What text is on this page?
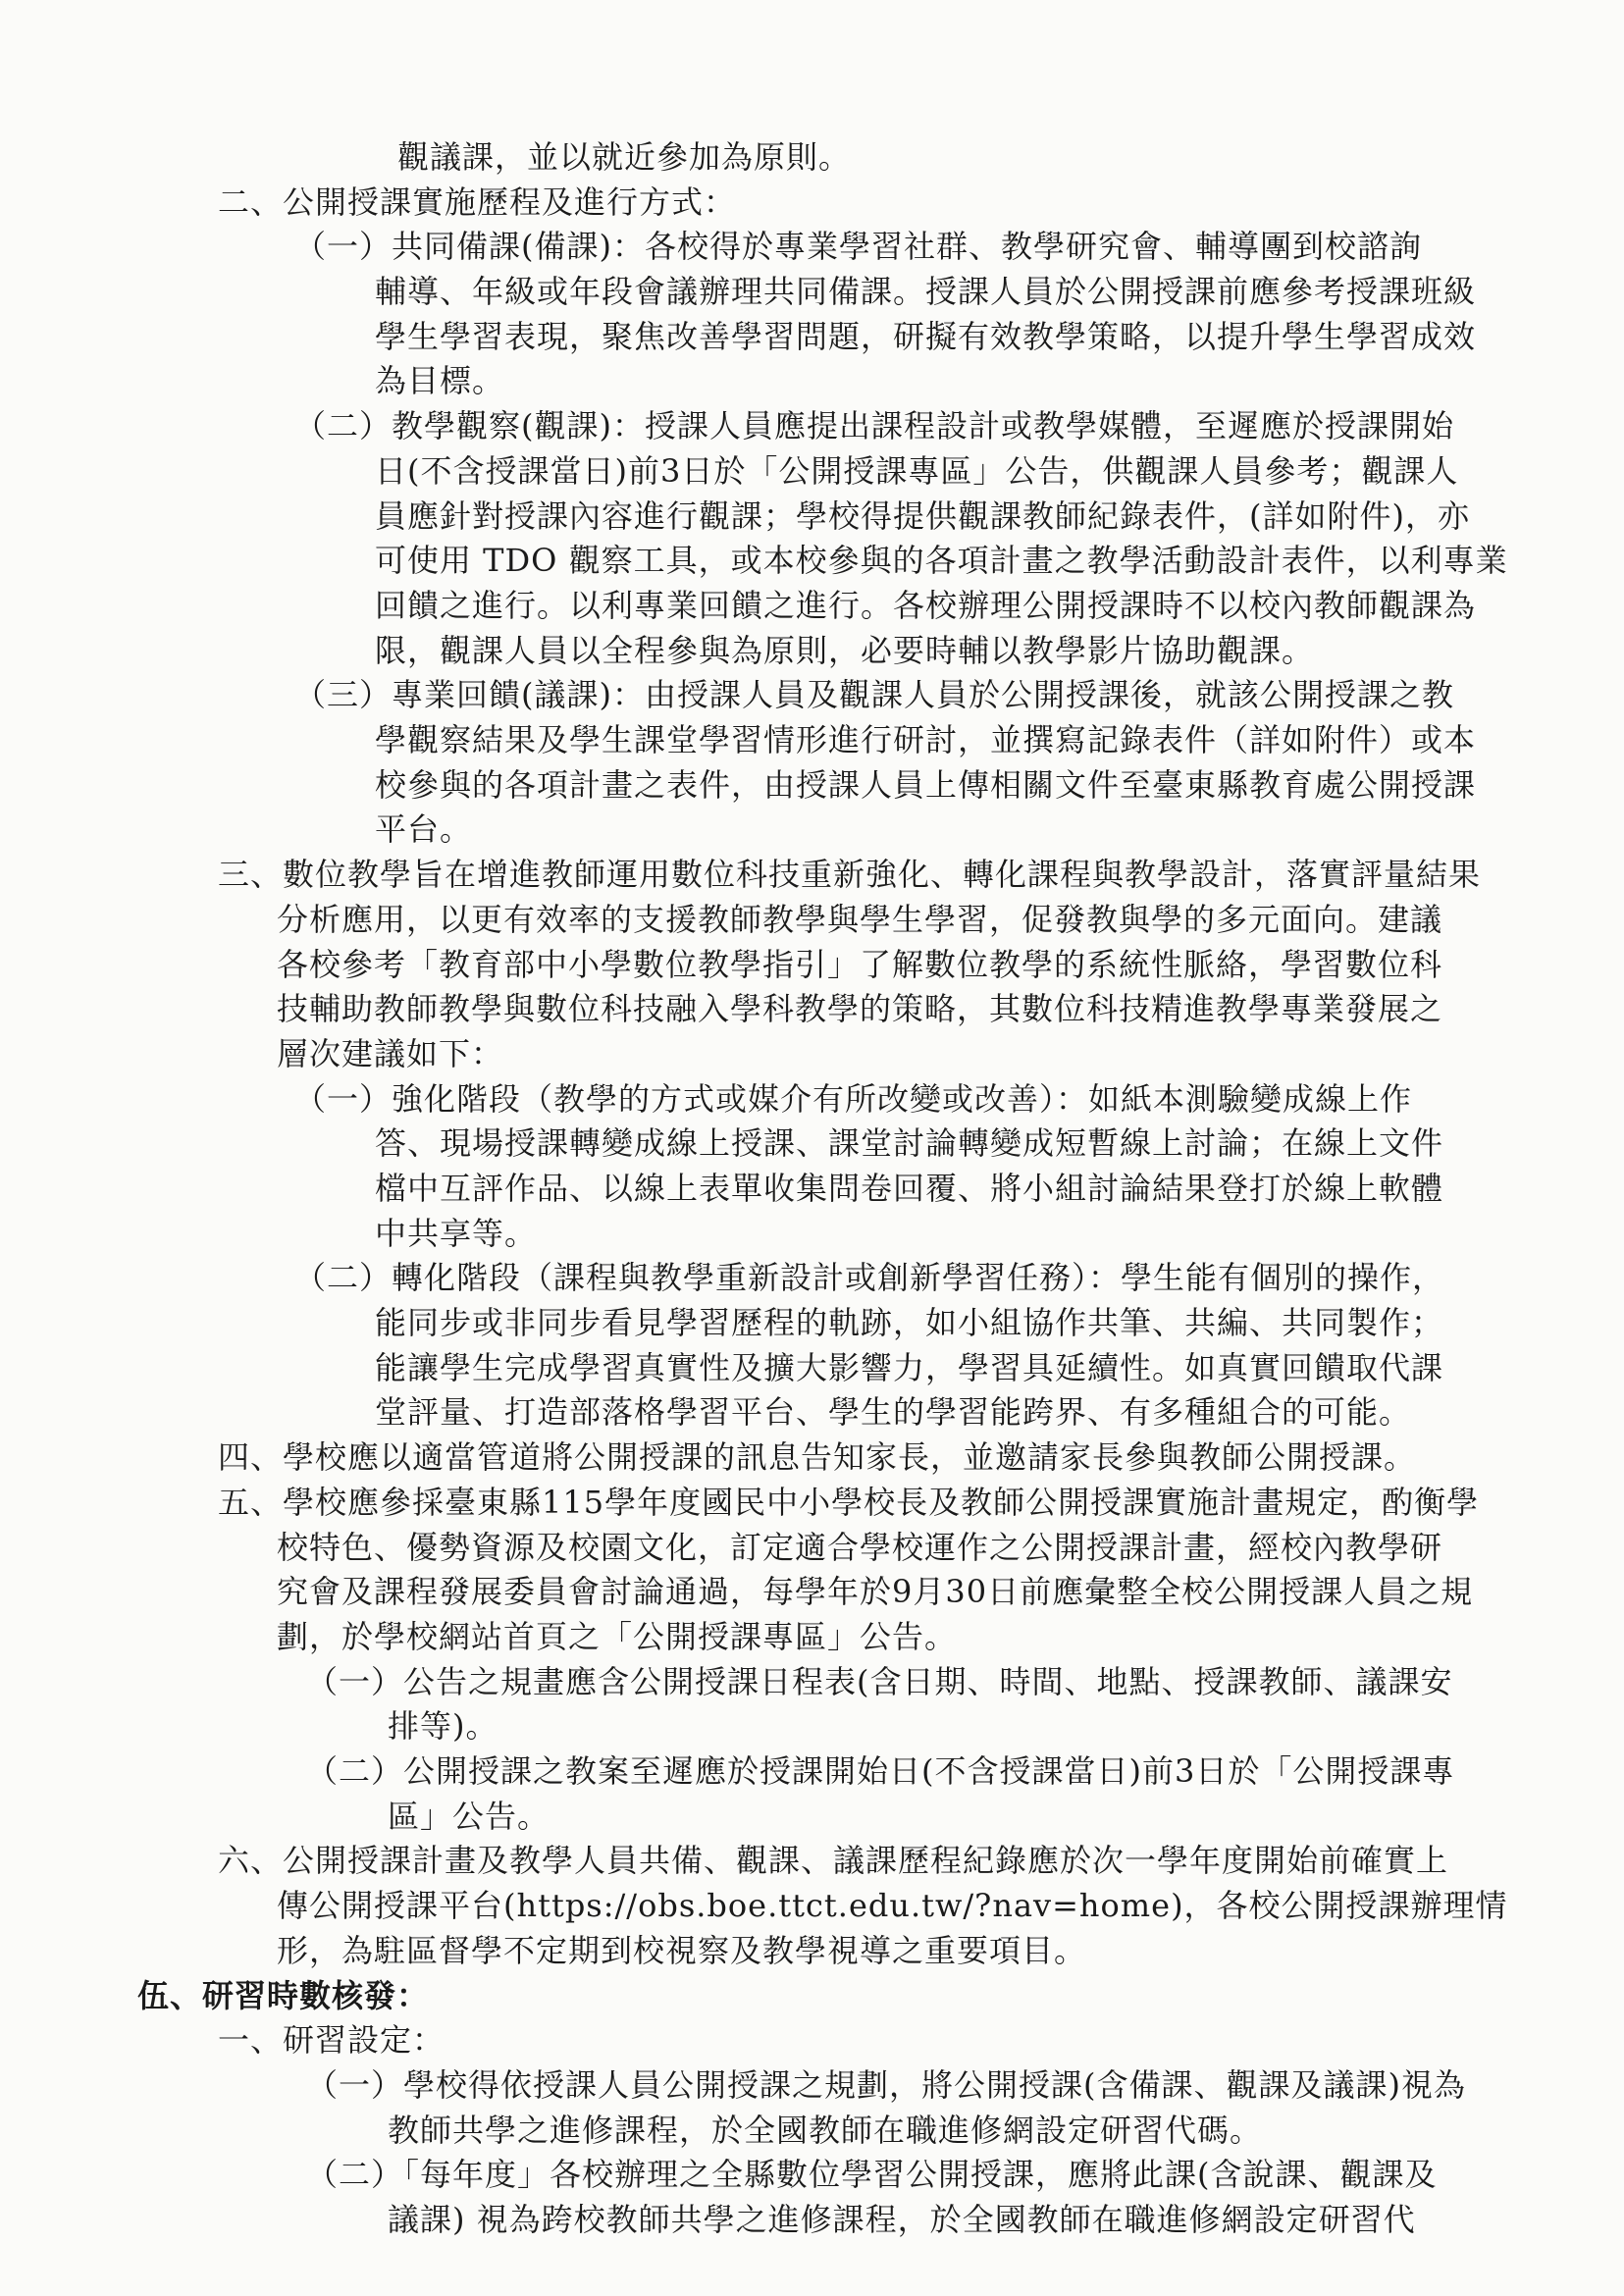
觀議課，並以就近參加為原則。
二、公開授課實施歷程及進行方式：
（一）共同備課(備課)：各校得於專業學習社群、教學研究會、輔導團到校諮詢
輔導、年級或年段會議辦理共同備課。授課人員於公開授課前應參考授課班級
學生學習表現，聚焦改善學習問題，研擬有效教學策略，以提升學生學習成效
為目標。
（二）教學觀察(觀課)：授課人員應提出課程設計或教學媒體，至遲應於授課開始
日(不含授課當日)前3日於「公開授課專區」公告，供觀課人員參考；觀課人
員應針對授課內容進行觀課；學校得提供觀課教師紀錄表件，(詳如附件)，亦
可使用 TDO 觀察工具，或本校參與的各項計畫之教學活動設計表件，以利專業
回饋之進行。以利專業回饋之進行。各校辦理公開授課時不以校內教師觀課為
限，觀課人員以全程參與為原則，必要時輔以教學影片協助觀課。
（三）專業回饋(議課)：由授課人員及觀課人員於公開授課後，就該公開授課之教
學觀察結果及學生課堂學習情形進行研討，並撰寫記錄表件（詳如附件）或本
校參與的各項計畫之表件，由授課人員上傳相關文件至臺東縣教育處公開授課
平台。
三、數位教學旨在增進教師運用數位科技重新強化、轉化課程與教學設計，落實評量結果
分析應用，以更有效率的支援教師教學與學生學習，促發教與學的多元面向。建議
各校參考「教育部中小學數位教學指引」了解數位教學的系統性脈絡，學習數位科
技輔助教師教學與數位科技融入學科教學的策略，其數位科技精進教學專業發展之
層次建議如下：
（一）強化階段（教學的方式或媒介有所改變或改善）：如紙本測驗變成線上作
答、現場授課轉變成線上授課、課堂討論轉變成短暫線上討論；在線上文件
檔中互評作品、以線上表單收集問卷回覆、將小組討論結果登打於線上軟體
中共享等。
（二）轉化階段（課程與教學重新設計或創新學習任務）：學生能有個別的操作，
能同步或非同步看見學習歷程的軌跡，如小組協作共筆、共編、共同製作；
能讓學生完成學習真實性及擴大影響力，學習具延續性。如真實回饋取代課
堂評量、打造部落格學習平台、學生的學習能跨界、有多種組合的可能。
四、學校應以適當管道將公開授課的訊息告知家長，並邀請家長參與教師公開授課。
五、學校應參採臺東縣115學年度國民中小學校長及教師公開授課實施計畫規定，酌衡學
校特色、優勢資源及校園文化，訂定適合學校運作之公開授課計畫，經校內教學研
究會及課程發展委員會討論通過，每學年於9月30日前應彙整全校公開授課人員之規
劃，於學校網站首頁之「公開授課專區」公告。
（一）公告之規畫應含公開授課日程表(含日期、時間、地點、授課教師、議課安
排等)。
（二）公開授課之教案至遲應於授課開始日(不含授課當日)前3日於「公開授課專
區」公告。
六、公開授課計畫及教學人員共備、觀課、議課歷程紀錄應於次一學年度開始前確實上
傳公開授課平台(https://obs.boe.ttct.edu.tw/?nav=home)，各校公開授課辦理情
形，為駐區督學不定期到校視察及教學視導之重要項目。
伍、研習時數核發：
一、研習設定：
（一）學校得依授課人員公開授課之規劃，將公開授課(含備課、觀課及議課)視為
教師共學之進修課程，於全國教師在職進修網設定研習代碼。
（二）「每年度」各校辦理之全縣數位學習公開授課，應將此課(含說課、觀課及
議課) 視為跨校教師共學之進修課程，於全國教師在職進修網設定研習代
